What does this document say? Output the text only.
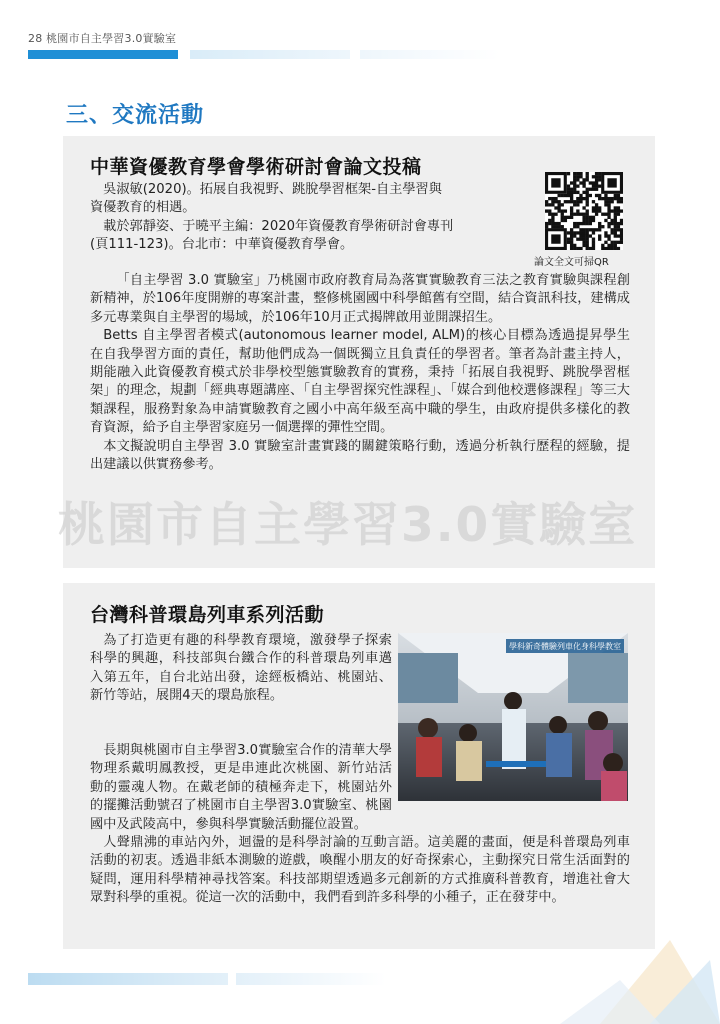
28 桃園市自主學習3.0實驗室
三、交流活動
桃園市自主學習3.0實驗室
中華資優教育學會學術研討會論文投稿

　吳淑敏(2020)。拓展自我視野、跳脫學習框架-自主學習與

資優教育的相遇。

　載於郭靜姿、于曉平主編：2020年資優教育學術研討會專刊

(頁111-123)。台北市：中華資優教育學會。

論文全文可掃QR

「自主學習 3.0 實驗室」乃桃園市政府教育局為落實實驗教育三法之教育實驗與課程創新精神，於106年度開辦的專案計畫，整修桃園國中科學館舊有空間，結合資訊科技，建構成多元專業與自主學習的場域，於106年10月正式揭牌啟用並開課招生。

Betts 自主學習者模式(autonomous learner model, ALM)的核心目標為透過提昇學生在自我學習方面的責任，幫助他們成為一個既獨立且負責任的學習者。筆者為計畫主持人，期能融入此資優教育模式於非學校型態實驗教育的實務，秉持「拓展自我視野、跳脫學習框架」的理念，規劃「經典專題講座、「自主學習探究性課程」、「媒合到他校選修課程」等三大類課程，服務對象為申請實驗教育之國小中高年級至高中職的學生，由政府提供多樣化的教育資源，給予自主學習家庭另一個選擇的彈性空間。

本文擬說明自主學習 3.0 實驗室計畫實踐的關鍵策略行動，透過分析執行歷程的經驗，提出建議以供實務參考。

台灣科普環島列車系列活動
學科新奇體驗列車化身科學教室

為了打造更有趣的科學教育環境，激發學子探索科學的興趣，科技部與台鐵合作的科普環島列車邁入第五年，自台北站出發，途經板橋站、桃園站、新竹等站，展開4天的環島旅程。

長期與桃園市自主學習3.0實驗室合作的清華大學物理系戴明鳳教授，更是串連此次桃園、新竹站活動的靈魂人物。在戴老師的積極奔走下，桃園站外的擺攤活動號召了桃園市自主學習3.0實驗室、桃園國中及武陵高中，參與科學實驗活動擺位設置。

人聲鼎沸的車站內外，迴盪的是科學討論的互動言語。這美麗的畫面，便是科普環島列車活動的初衷。透過非紙本測驗的遊戲，喚醒小朋友的好奇探索心，主動探究日常生活面對的疑問，運用科學精神尋找答案。科技部期望透過多元創新的方式推廣科普教育，增進社會大眾對科學的重視。從這一次的活動中，我們看到許多科學的小種子，正在發芽中。
